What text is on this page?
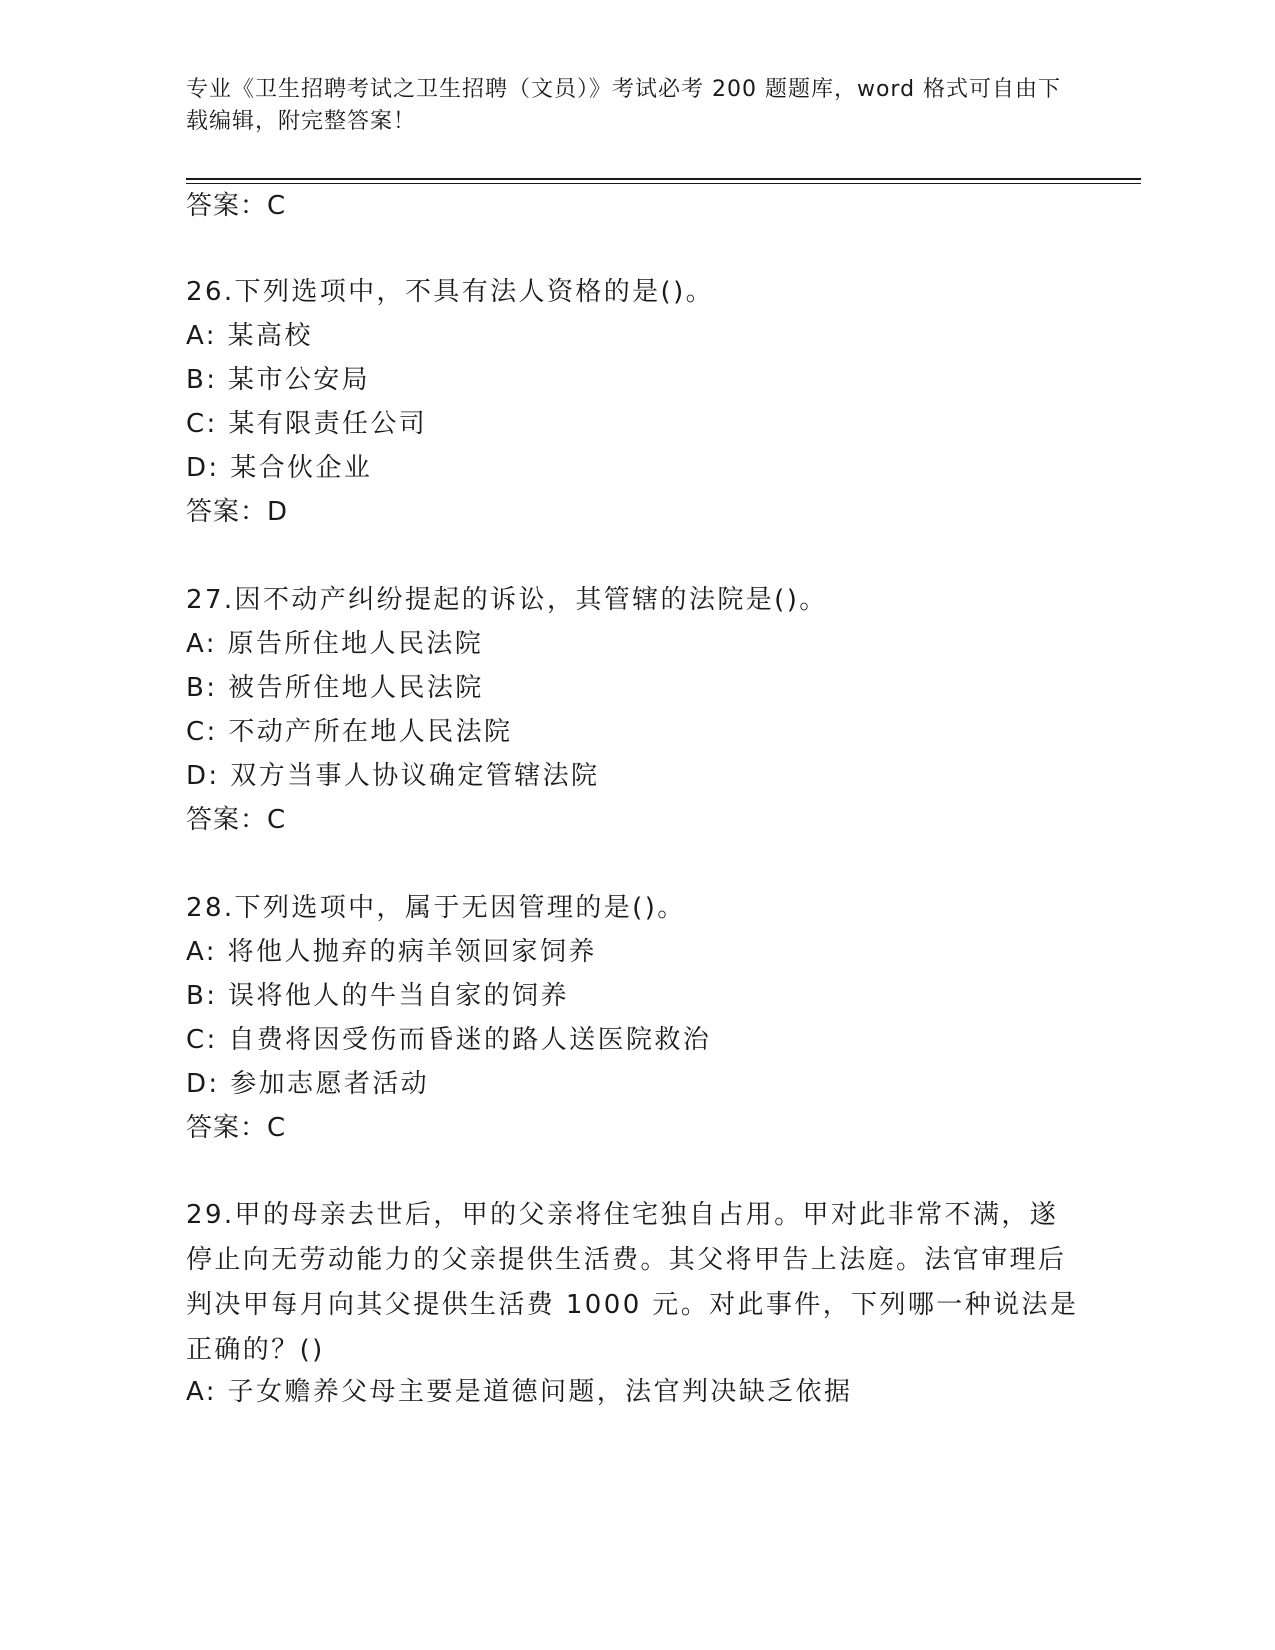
专业《卫生招聘考试之卫生招聘（文员）》考试必考 200 题题库，word 格式可自由下载编辑，附完整答案！
答案：C
26.下列选项中，不具有法人资格的是()。
A: 某高校
B: 某市公安局
C: 某有限责任公司
D: 某合伙企业
答案：D
27.因不动产纠纷提起的诉讼，其管辖的法院是()。
A: 原告所住地人民法院
B: 被告所住地人民法院
C: 不动产所在地人民法院
D: 双方当事人协议确定管辖法院
答案：C
28.下列选项中，属于无因管理的是()。
A: 将他人抛弃的病羊领回家饲养
B: 误将他人的牛当自家的饲养
C: 自费将因受伤而昏迷的路人送医院救治
D: 参加志愿者活动
答案：C
29.甲的母亲去世后，甲的父亲将住宅独自占用。甲对此非常不满，遂停止向无劳动能力的父亲提供生活费。其父将甲告上法庭。法官审理后判决甲每月向其父提供生活费 1000 元。对此事件，下列哪一种说法是正确的？()
A: 子女赡养父母主要是道德问题，法官判决缺乏依据
